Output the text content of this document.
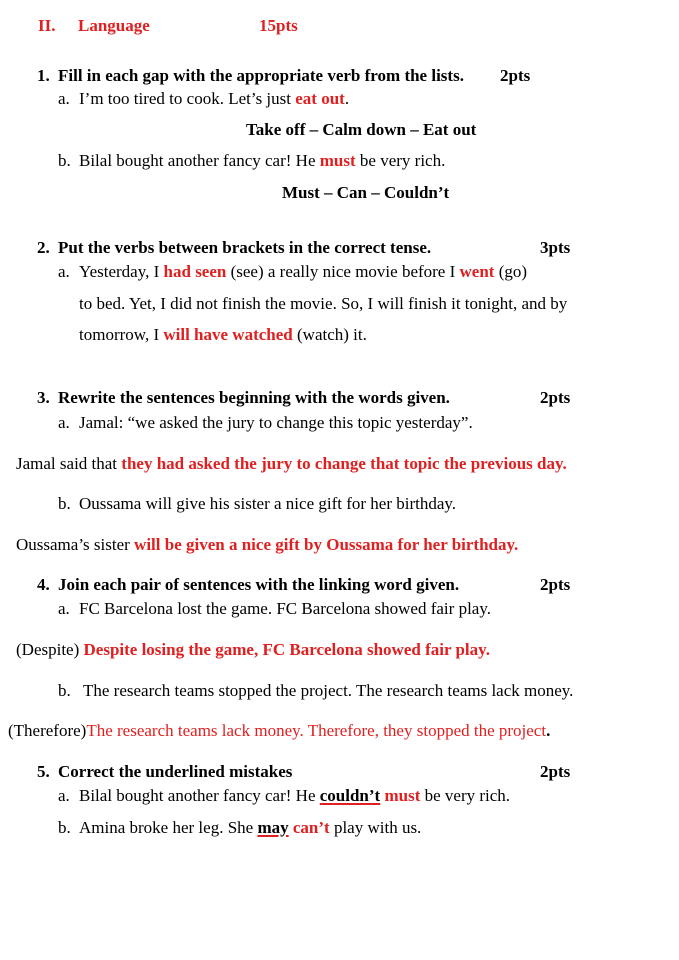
II. Language	15pts
1. Fill in each gap with the appropriate verb from the lists. 2pts
a. I’m too tired to cook. Let’s just eat out.
Take off – Calm down – Eat out
b. Bilal bought another fancy car! He must be very rich.
Must – Can – Couldn’t
2. Put the verbs between brackets in the correct tense.	3pts
a. Yesterday, I had seen (see) a really nice movie before I went (go)
to bed. Yet, I did not finish the movie. So, I will finish it tonight, and by
tomorrow, I will have watched (watch) it.
3. Rewrite the sentences beginning with the words given.	2pts
a. Jamal: “we asked the jury to change this topic yesterday”.
Jamal said that they had asked the jury to change that topic the previous day.
b. Oussama will give his sister a nice gift for her birthday.
Oussama’s sister will be given a nice gift by Oussama for her birthday.
4. Join each pair of sentences with the linking word given.	2pts
a. FC Barcelona lost the game. FC Barcelona showed fair play.
(Despite) Despite losing the game, FC Barcelona showed fair play.
b. The research teams stopped the project. The research teams lack money.
(Therefore)The research teams lack money. Therefore, they stopped the project.
5. Correct the underlined mistakes	2pts
a. Bilal bought another fancy car! He couldn’t must be very rich.
b. Amina broke her leg. She may can’t play with us.
